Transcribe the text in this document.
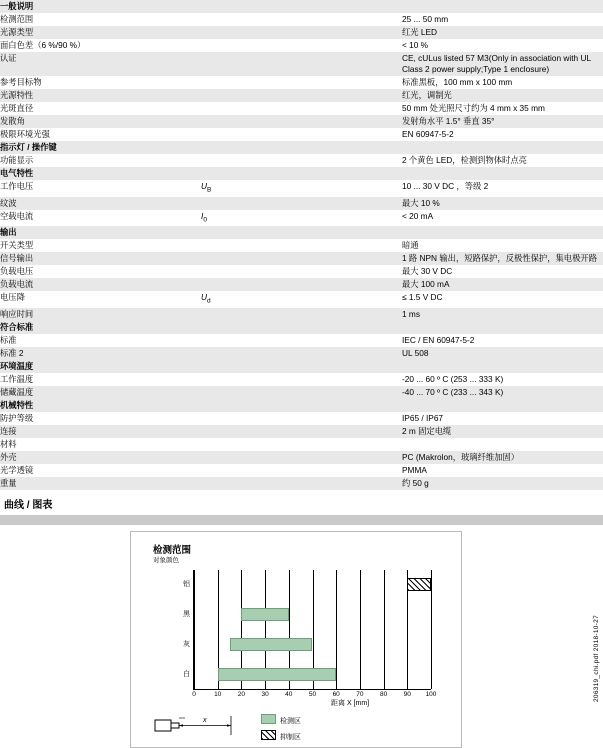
一般说明		
检测范围		25 ... 50 mm
光源类型		红光 LED
面白色差（6 %/90 %）		< 10 %
认证		CE, cULus listed 57 M3(Only in association with UL Class 2 power supply;Type 1 enclosure)
参考目标物		标准黑板，100 mm x 100 mm
光源特性		红光，调制光
光斑直径		50 mm 处光照尺寸约为 4 mm x 35 mm
发散角		发射角水平 1.5° 垂直 35°
极限环境光强		EN 60947-5-2
指示灯 / 操作键
功能显示		2 个黄色 LED，检测到物体时点亮
电气特性		
工作电压	$U_B$	10 ... 30 V DC ，等级 2
纹波		最大 10 %
空载电流	$I_0$	< 20 mA
输出		
开关类型		暗通
信号输出		1 路 NPN 输出，短路保护，反极性保护，集电极开路
负载电压		最大 30 V DC
负载电流		最大 100 mA
电压降	$U_d$	≤ 1.5 V DC
响应时间		1 ms
符合标准		
标准		IEC / EN 60947-5-2
标准 2		UL 508
环境温度		
工作温度		-20 ... 60 º C (253 ... 333 K)
储藏温度		-40 ... 70 º C (233 ... 343 K)
机械特性		
防护等级		IP65 / IP67
连接		2 m 固定电缆
材料		
外壳		PC (Makrolon，玻璃纤维加固）
光学透镜		PMMA
重量		约 50 g
曲线 / 图表
检测范围
对象颜色
0	10	20	30	40	50	60	70	80	90 100
铝
黑
灰
白
距离 X [mm]
x	检测区
抑制区
206319_chi.pdf 2018-10-27
